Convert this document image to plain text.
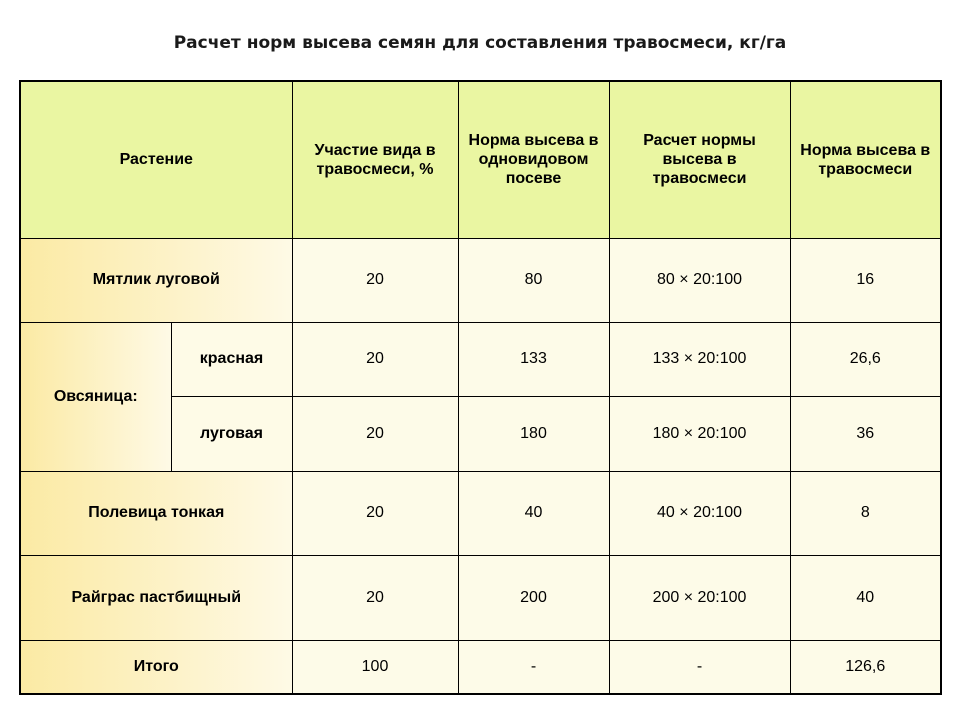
Расчет норм высева семян для составления травосмеси, кг/га
Растение		Участие вида в травосмеси, %	Норма высева в одновидовом посеве	Расчет нормы высева в травосмеси	Норма высева в травосмеси
Мятлик луговой		20	80	80 × 20:100	16
Овсяница:	красная	20	133	133 × 20:100	26,6
	луговая	20	180	180 × 20:100	36
Полевица тонкая		20	40	40 × 20:100	8
Райграс пастбищный		20	200	200 × 20:100	40
Итого		100	-	-	126,6
